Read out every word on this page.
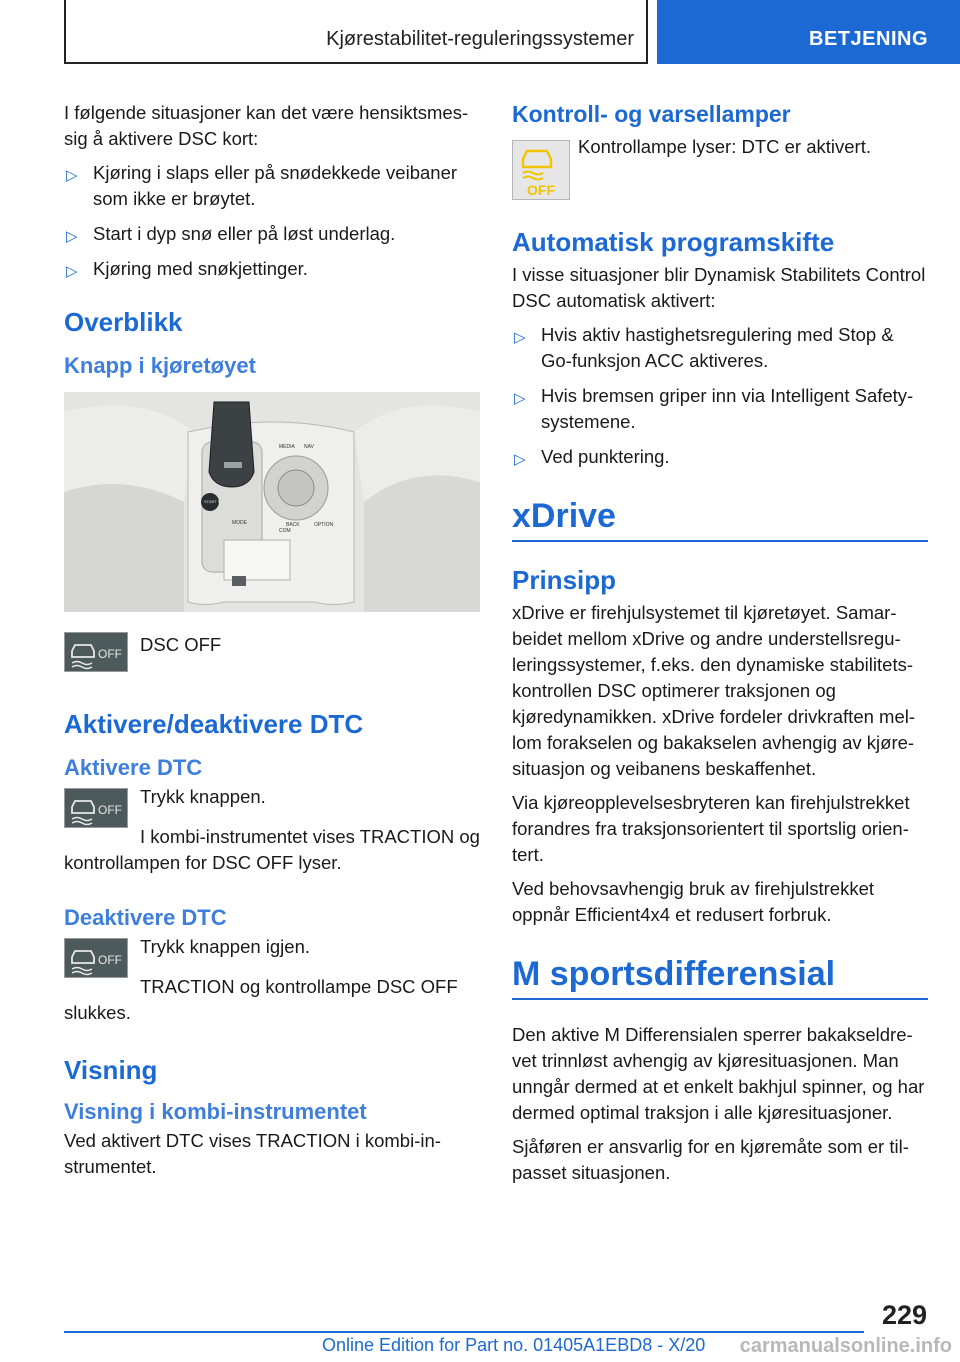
Kjørestabilitet-reguleringssystemer	BETJENING

I følgende situasjoner kan det være hensiktsmessig å aktivere DSC kort:

▷ Kjøring i slaps eller på snødekkede veibaner som ikke er brøytet.
▷ Start i dyp snø eller på løst underlag.
▷ Kjøring med snøkjettinger.
Overblikk
Knapp i kjøretøyet
MEDIA
COM
NAV
BACK	OPTION
START STOP
MODE
OFF DSC OFF

Aktivere/deaktivere DTC
Aktivere DTC
OFF

Trykk knappen.

I kombi-instrumentet vises TRACTION og kontrollampen for DSC OFF lyser.

Deaktivere DTC
OFF

Trykk knappen igjen.

TRACTION og kontrollampe DSC OFF slukkes.

Visning
Visning i kombi-instrumentet

Ved aktivert DTC vises TRACTION i kombi-instrumentet.

Kontroll- og varsellamper
OFF

Kontrollampe lyser: DTC er aktivert.

Automatisk programskifte

I visse situasjoner blir Dynamisk Stabilitets Control DSC automatisk aktivert:

▷ Hvis aktiv hastighetsregulering med Stop & Go-funksjon ACC aktiveres.
▷ Hvis bremsen griper inn via Intelligent Safety-systemene.
▷ Ved punktering.
xDrive
Prinsipp

xDrive er firehjulsystemet til kjøretøyet. Samarbeidet mellom xDrive og andre understellsreguleringssystemer, f.eks. den dynamiske stabilitetskontrollen DSC optimerer traksjonen og kjøredynamikken. xDrive fordeler drivkraften mellom forakselen og bakakselen avhengig av kjøresituasjon og veibanens beskaffenhet.

Via kjøreopplevelsesbryteren kan firehjulstrekket forandres fra traksjonsorientert til sportslig orientert.

Ved behovsavhengig bruk av firehjulstrekket oppnår Efficient4x4 et redusert forbruk.

M sportsdifferensial

Den aktive M Differensialen sperrer bakakseldrevet trinnløst avhengig av kjøresituasjonen. Man unngår dermed at et enkelt bakhjul spinner, og har dermed optimal traksjon i alle kjøresituasjoner.

Sjåføren er ansvarlig for en kjøremåte som er tilpasset situasjonen.

229
Online Edition for Part no. 01405A1EBD8 - X/20 carmanualsonline.info
